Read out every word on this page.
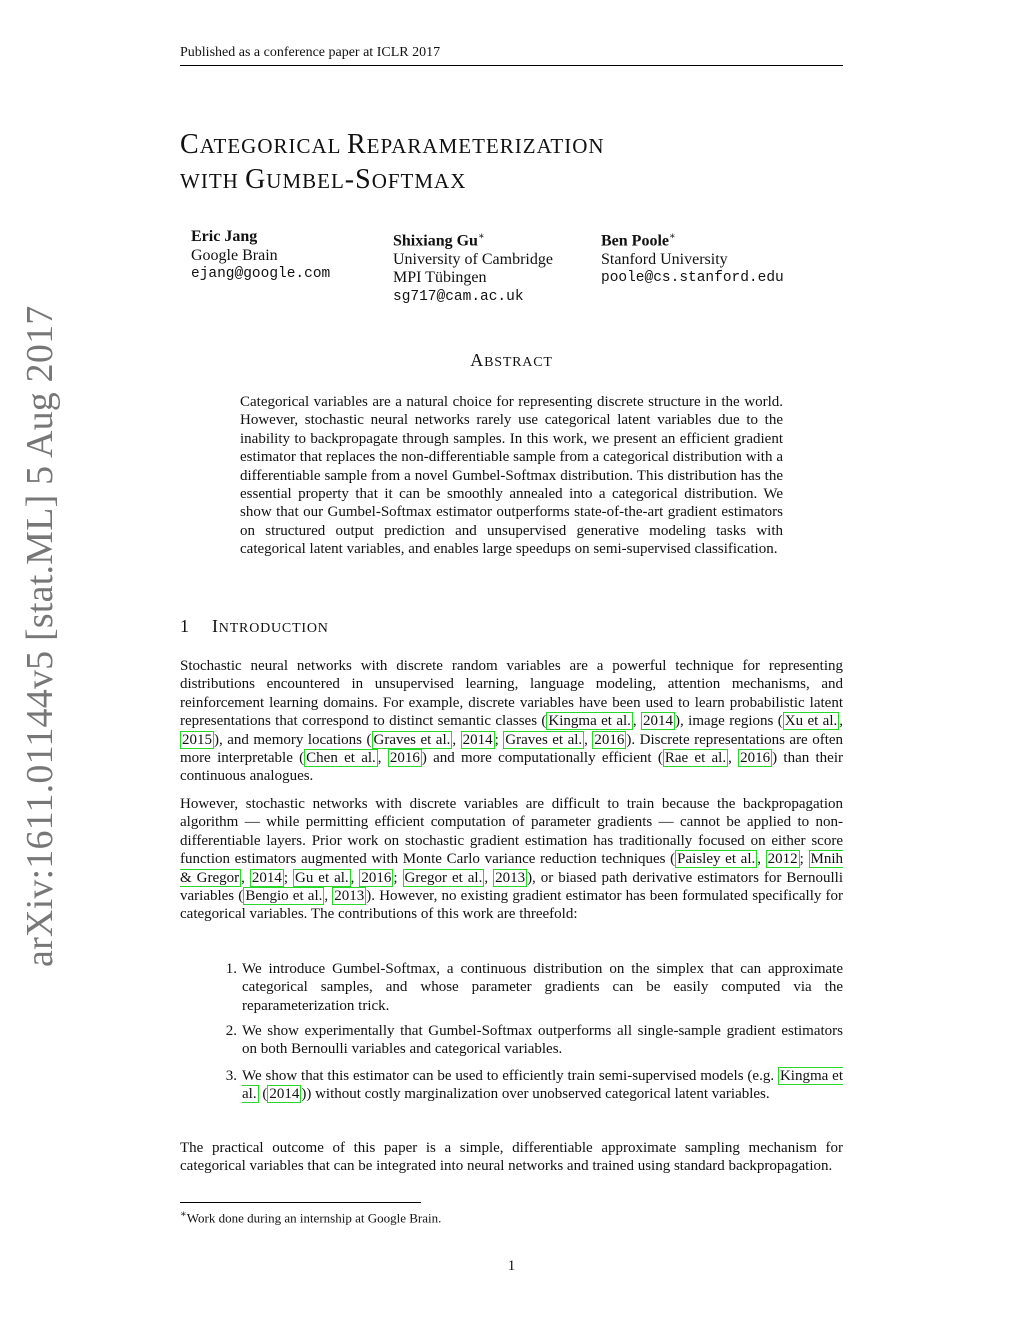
Published as a conference paper at ICLR 2017
arXiv:1611.01144v5 [stat.ML] 5 Aug 2017
CATEGORICAL REPARAMETERIZATION
WITH GUMBEL-SOFTMAX
Eric Jang
Google Brain
ejang@google.com
Shixiang Gu∗
University of Cambridge
MPI Tübingen
sg717@cam.ac.uk
Ben Poole∗
Stanford University
poole@cs.stanford.edu
ABSTRACT
Categorical variables are a natural choice for representing discrete structure in the world. However, stochastic neural networks rarely use categorical latent variables due to the inability to backpropagate through samples. In this work, we present an efficient gradient estimator that replaces the non-differentiable sample from a categorical distribution with a differentiable sample from a novel Gumbel-Softmax distribution. This distribution has the essential property that it can be smoothly annealed into a categorical distribution. We show that our Gumbel-Softmax estimator outperforms state-of-the-art gradient estimators on structured output prediction and unsupervised generative modeling tasks with categorical latent variables, and enables large speedups on semi-supervised classification.
1 INTRODUCTION
Stochastic neural networks with discrete random variables are a powerful technique for representing distributions encountered in unsupervised learning, language modeling, attention mechanisms, and reinforcement learning domains. For example, discrete variables have been used to learn probabilistic latent representations that correspond to distinct semantic classes ( Kingma et al. , 2014 ), image regions ( Xu et al. , 2015 ), and memory locations ( Graves et al. , 2014 ; Graves et al. , 2016 ). Discrete representations are often more interpretable ( Chen et al. , 2016 ) and more computationally efficient ( Rae et al. , 2016 ) than their continuous analogues.
However, stochastic networks with discrete variables are difficult to train because the backpropagation algorithm — while permitting efficient computation of parameter gradients — cannot be applied to non-differentiable layers. Prior work on stochastic gradient estimation has traditionally focused on either score function estimators augmented with Monte Carlo variance reduction techniques ( Paisley et al. , 2012 ; Mnih & Gregor , 2014 ; Gu et al. , 2016 ; Gregor et al. , 2013 ), or biased path derivative estimators for Bernoulli variables ( Bengio et al. , 2013 ). However, no existing gradient estimator has been formulated specifically for categorical variables. The contributions of this work are threefold:
1. We introduce Gumbel-Softmax, a continuous distribution on the simplex that can approximate categorical samples, and whose parameter gradients can be easily computed via the reparameterization trick.
2. We show experimentally that Gumbel-Softmax outperforms all single-sample gradient estimators on both Bernoulli variables and categorical variables.
3. We show that this estimator can be used to efficiently train semi-supervised models (e.g. Kingma et al. ( 2014 )) without costly marginalization over unobserved categorical latent variables.
The practical outcome of this paper is a simple, differentiable approximate sampling mechanism for categorical variables that can be integrated into neural networks and trained using standard backpropagation.
∗Work done during an internship at Google Brain.
1
